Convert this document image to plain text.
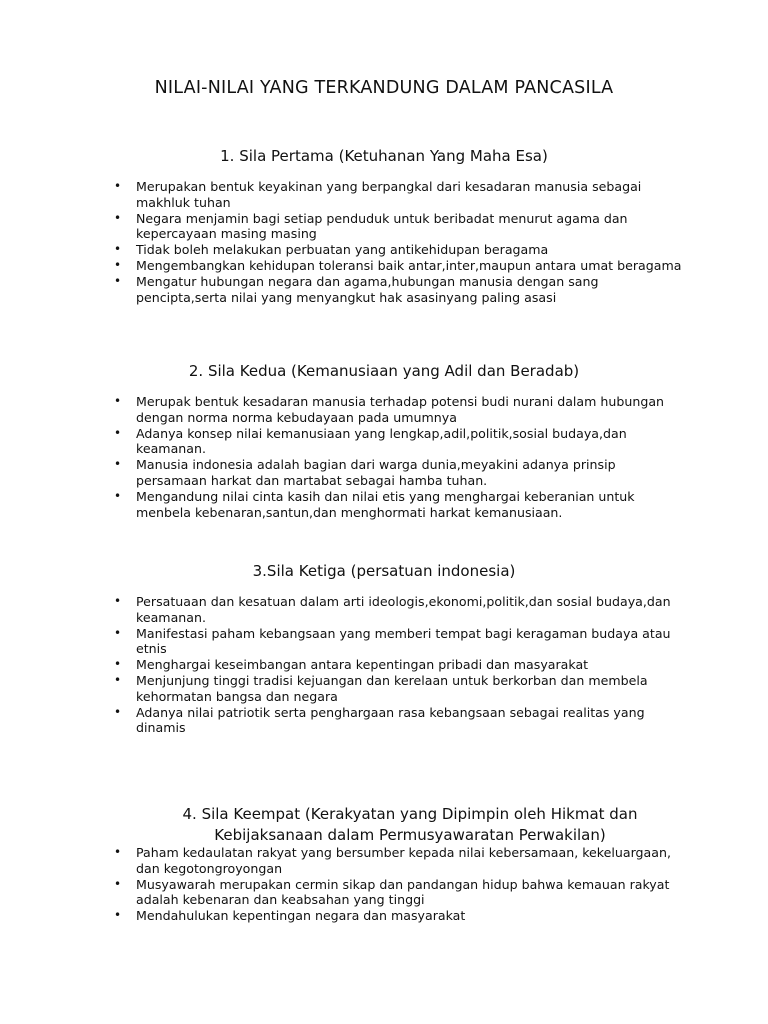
NILAI-NILAI YANG TERKANDUNG DALAM PANCASILA
1. Sila Pertama (Ketuhanan Yang Maha Esa)
• Merupakan bentuk keyakinan yang berpangkal dari kesadaran manusia sebagai makhluk tuhan
• Negara menjamin bagi setiap penduduk untuk beribadat menurut agama dan kepercayaan masing masing
• Tidak boleh melakukan perbuatan yang antikehidupan beragama
• Mengembangkan kehidupan toleransi baik antar,inter,maupun antara umat beragama
• Mengatur hubungan negara dan agama,hubungan manusia dengan sang pencipta,serta nilai yang menyangkut hak asasinyang paling asasi
2. Sila Kedua (Kemanusiaan yang Adil dan Beradab)
• Merupak bentuk kesadaran manusia terhadap potensi budi nurani dalam hubungan dengan norma norma kebudayaan pada umumnya
• Adanya konsep nilai kemanusiaan yang lengkap,adil,politik,sosial budaya,dan keamanan.
• Manusia indonesia adalah bagian dari warga dunia,meyakini adanya prinsip persamaan harkat dan martabat sebagai hamba tuhan.
• Mengandung nilai cinta kasih dan nilai etis yang menghargai keberanian untuk menbela kebenaran,santun,dan menghormati harkat kemanusiaan.
3.Sila Ketiga (persatuan indonesia)
• Persatuaan dan kesatuan dalam arti ideologis,ekonomi,politik,dan sosial budaya,dan keamanan.
• Manifestasi paham kebangsaan yang memberi tempat bagi keragaman budaya atau etnis
• Menghargai keseimbangan antara kepentingan pribadi dan masyarakat
• Menjunjung tinggi tradisi kejuangan dan kerelaan untuk berkorban dan membela kehormatan bangsa dan negara
• Adanya nilai patriotik serta penghargaan rasa kebangsaan sebagai realitas yang dinamis
4. Sila Keempat (Kerakyatan yang Dipimpin oleh Hikmat dan Kebijaksanaan dalam Permusyawaratan Perwakilan)
• Paham kedaulatan rakyat yang bersumber kepada nilai kebersamaan, kekeluargaan, dan kegotongroyongan
• Musyawarah merupakan cermin sikap dan pandangan hidup bahwa kemauan rakyat adalah kebenaran dan keabsahan yang tinggi
• Mendahulukan kepentingan negara dan masyarakat
